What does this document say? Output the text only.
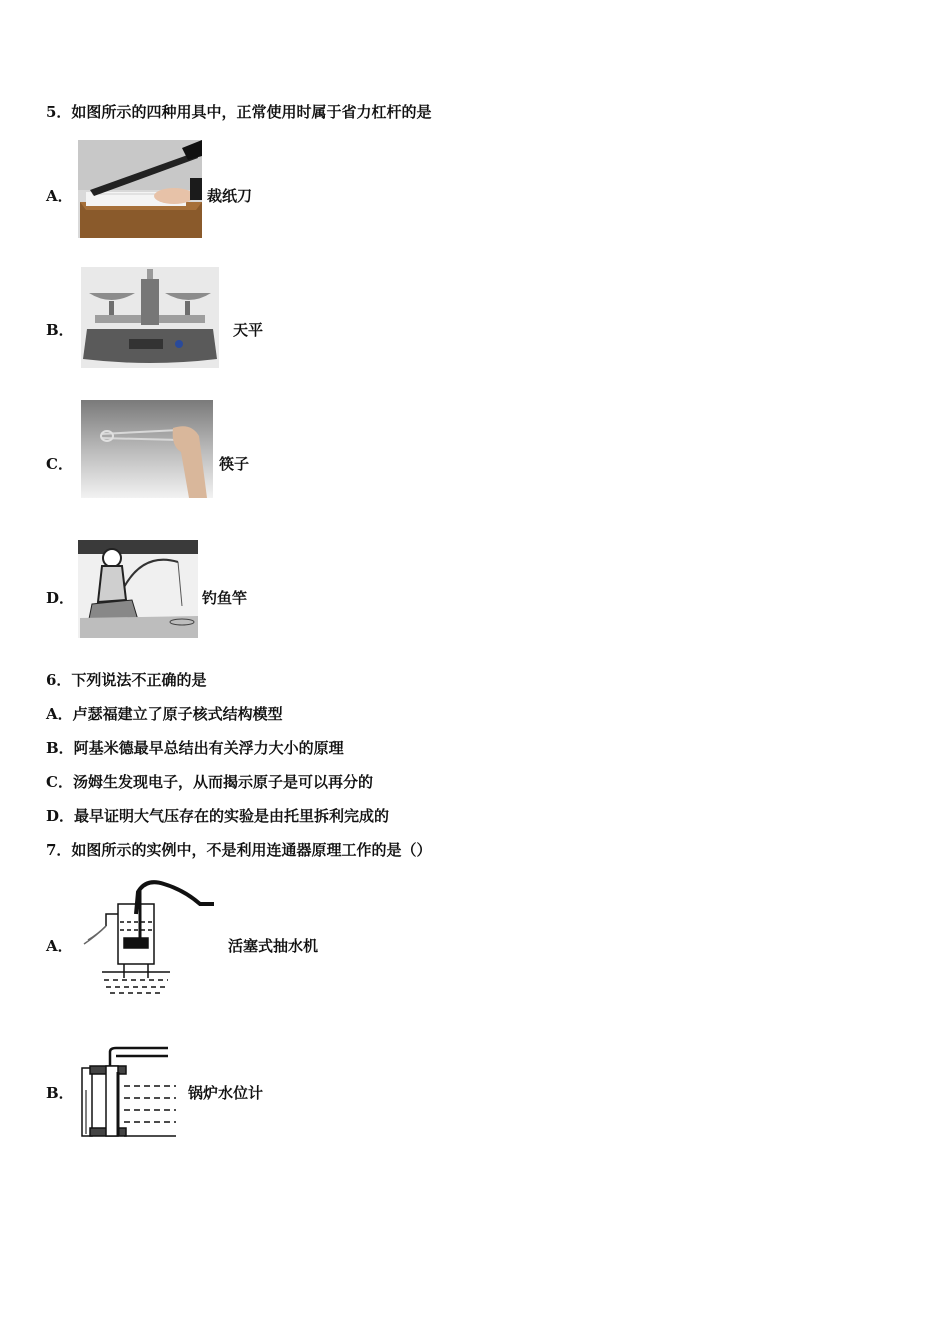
5．如图所示的四种用具中，正常使用时属于省力杠杆的是
A．	裁纸刀
B．	天平
C．	筷子
D．	钓鱼竿
6．下列说法不正确的是
A．卢瑟福建立了原子核式结构模型
B．阿基米德最早总结出有关浮力大小的原理
C．汤姆生发现电子，从而揭示原子是可以再分的
D．最早证明大气压存在的实验是由托里拆利完成的
7．如图所示的实例中，不是利用连通器原理工作的是（）
A．	活塞式抽水机
B．	锅炉水位计
